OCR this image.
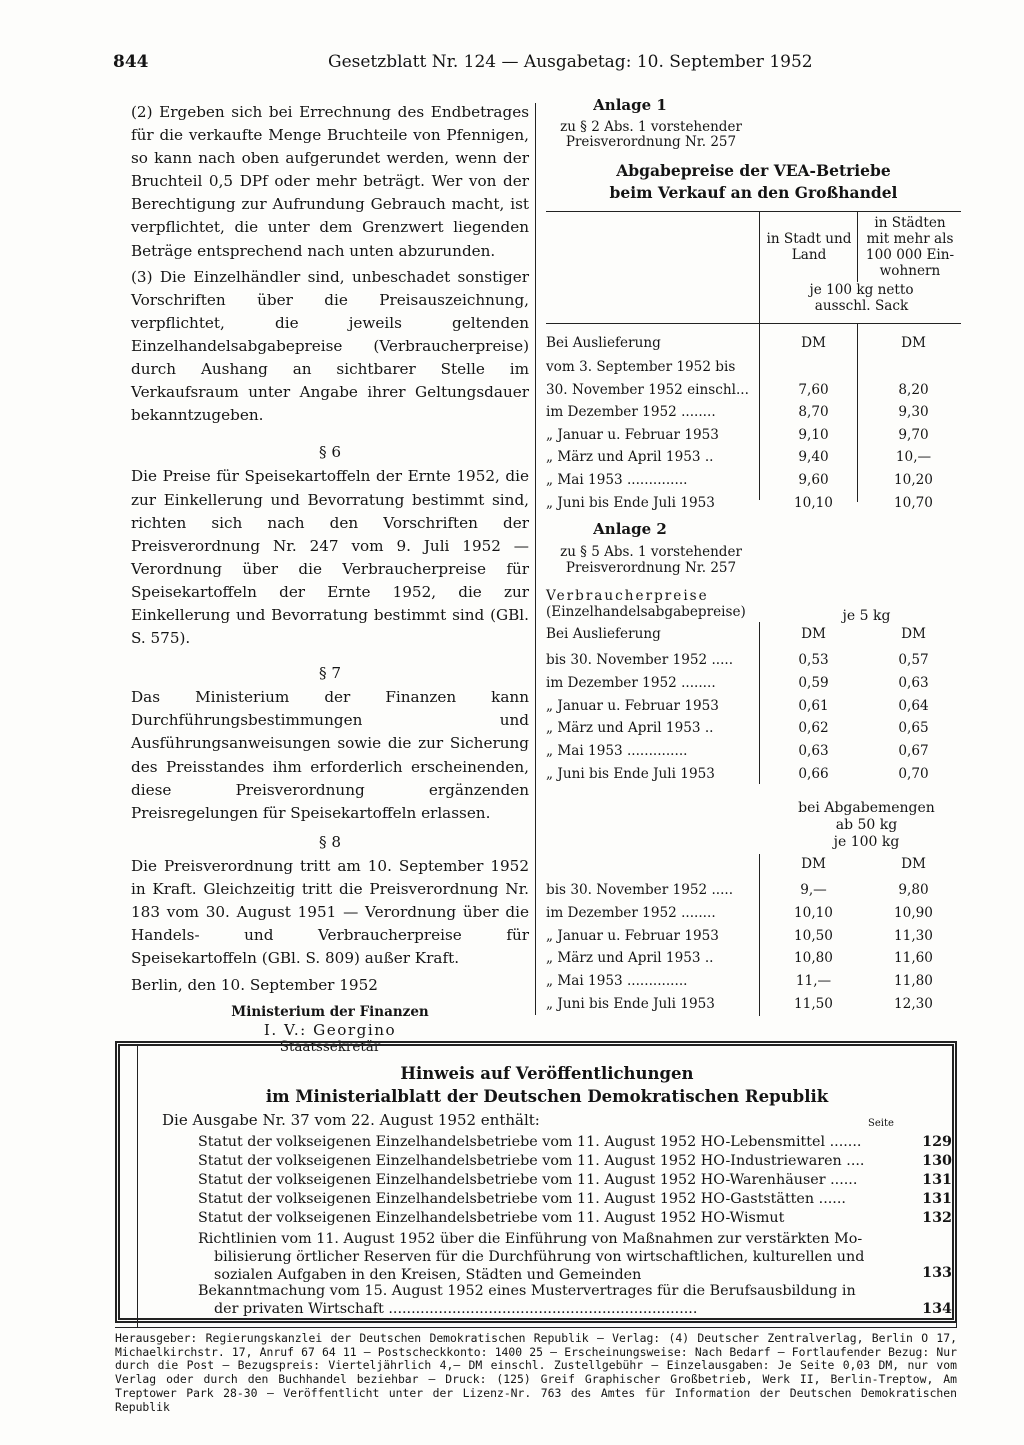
844	Gesetzblatt Nr. 124 — Ausgabetag: 10. September 1952

(2) Ergeben sich bei Errechnung des Endbetrages für die verkaufte Menge Bruchteile von Pfennigen, so kann nach oben aufgerundet werden, wenn der Bruchteil 0,5 DPf oder mehr beträgt. Wer von der Berechtigung zur Aufrundung Gebrauch macht, ist verpflichtet, die unter dem Grenzwert liegenden Beträge entsprechend nach unten abzurunden.

(3) Die Einzelhändler sind, unbeschadet sonstiger Vorschriften über die Preisauszeichnung, verpflichtet, die jeweils geltenden Einzelhandelsabgabepreise (Verbraucherpreise) durch Aushang an sichtbarer Stelle im Verkaufsraum unter Angabe ihrer Geltungsdauer bekanntzugeben.

§ 6

Die Preise für Speisekartoffeln der Ernte 1952, die zur Einkellerung und Bevorratung bestimmt sind, richten sich nach den Vorschriften der Preisverordnung Nr. 247 vom 9. Juli 1952 — Verordnung über die Verbraucherpreise für Speisekartoffeln der Ernte 1952, die zur Einkellerung und Bevorratung bestimmt sind (GBl. S. 575).

§ 7

Das Ministerium der Finanzen kann Durchführungsbestimmungen und Ausführungsanweisungen sowie die zur Sicherung des Preisstandes ihm erforderlich erscheinenden, diese Preisverordnung ergänzenden Preisregelungen für Speisekartoffeln erlassen.

§ 8

Die Preisverordnung tritt am 10. September 1952 in Kraft. Gleichzeitig tritt die Preisverordnung Nr. 183 vom 30. August 1951 — Verordnung über die Handels- und Verbraucherpreise für Speisekartoffeln (GBl. S. 809) außer Kraft.

Berlin, den 10. September 1952
Ministerium der Finanzen
I. V.: Georgino
Staatssekretär
Anlage 1
zu § 2 Abs. 1 vorstehender
Preisverordnung Nr. 257
Abgabepreise der VEA-Betriebe
beim Verkauf an den Großhandel
in Stadt und
Land
in Städten
mit mehr als
100 000 Ein-
wohnern
je 100 kg netto
ausschl. Sack
Bei Auslieferung	DM	DM
vom 3. September 1952 bis
30. November 1952 einschl...	7,60	8,20
im Dezember 1952 ........	8,70	9,30
„ Januar u. Februar 1953	9,10	9,70
„ März und April 1953 ..	9,40	10,—
„ Mai 1953 ..............	9,60	10,20
„ Juni bis Ende Juli 1953	10,10	10,70
Anlage 2
zu § 5 Abs. 1 vorstehender
Preisverordnung Nr. 257
Verbraucherpreise
(Einzelhandelsabgabepreise)	je 5 kg
Bei Auslieferung	DM	DM
bis 30. November 1952 .....	0,53	0,57
im Dezember 1952 ........	0,59	0,63
„ Januar u. Februar 1953	0,61	0,64
„ März und April 1953 ..	0,62	0,65
„ Mai 1953 ..............	0,63	0,67
„ Juni bis Ende Juli 1953	0,66	0,70
bei Abgabemengen
ab 50 kg
je 100 kg
DM	DM
bis 30. November 1952 .....	9,—	9,80
im Dezember 1952 ........	10,10	10,90
„ Januar u. Februar 1953	10,50	11,30
„ März und April 1953 ..	10,80	11,60
„ Mai 1953 ..............	11,—	11,80
„ Juni bis Ende Juli 1953	11,50	12,30
Hinweis auf Veröffentlichungen
im Ministerialblatt der Deutschen Demokratischen Republik
Die Ausgabe Nr. 37 vom 22. August 1952 enthält:	Seite
Statut der volkseigenen Einzelhandelsbetriebe vom 11. August 1952 HO-Lebensmittel .......	129
Statut der volkseigenen Einzelhandelsbetriebe vom 11. August 1952 HO-Industriewaren ....	130
Statut der volkseigenen Einzelhandelsbetriebe vom 11. August 1952 HO-Warenhäuser ......	131
Statut der volkseigenen Einzelhandelsbetriebe vom 11. August 1952 HO-Gaststätten ......	131
Statut der volkseigenen Einzelhandelsbetriebe vom 11. August 1952 HO-Wismut	132
Richtlinien vom 11. August 1952 über die Einführung von Maßnahmen zur verstärkten Mo-
bilisierung örtlicher Reserven für die Durchführung von wirtschaftlichen, kulturellen und
sozialen Aufgaben in den Kreisen, Städten und Gemeinden	133
Bekanntmachung vom 15. August 1952 eines Mustervertrages für die Berufsausbildung in
der privaten Wirtschaft ....................................................................	134
Herausgeber: Regierungskanzlei der Deutschen Demokratischen Republik — Verlag: (4) Deutscher Zentralverlag, Berlin O 17, Michaelkirchstr. 17, Anruf 67 64 11 — Postscheckkonto: 1400 25 — Erscheinungsweise: Nach Bedarf — Fortlaufender Bezug: Nur durch die Post — Bezugspreis: Vierteljährlich 4,— DM einschl. Zustellgebühr — Einzelausgaben: Je Seite 0,03 DM, nur vom Verlag oder durch den Buchhandel beziehbar — Druck: (125) Greif Graphischer Großbetrieb, Werk II, Berlin-Treptow, Am Treptower Park 28-30 — Veröffentlicht unter der Lizenz-Nr. 763 des Amtes für Information der Deutschen Demokratischen Republik
